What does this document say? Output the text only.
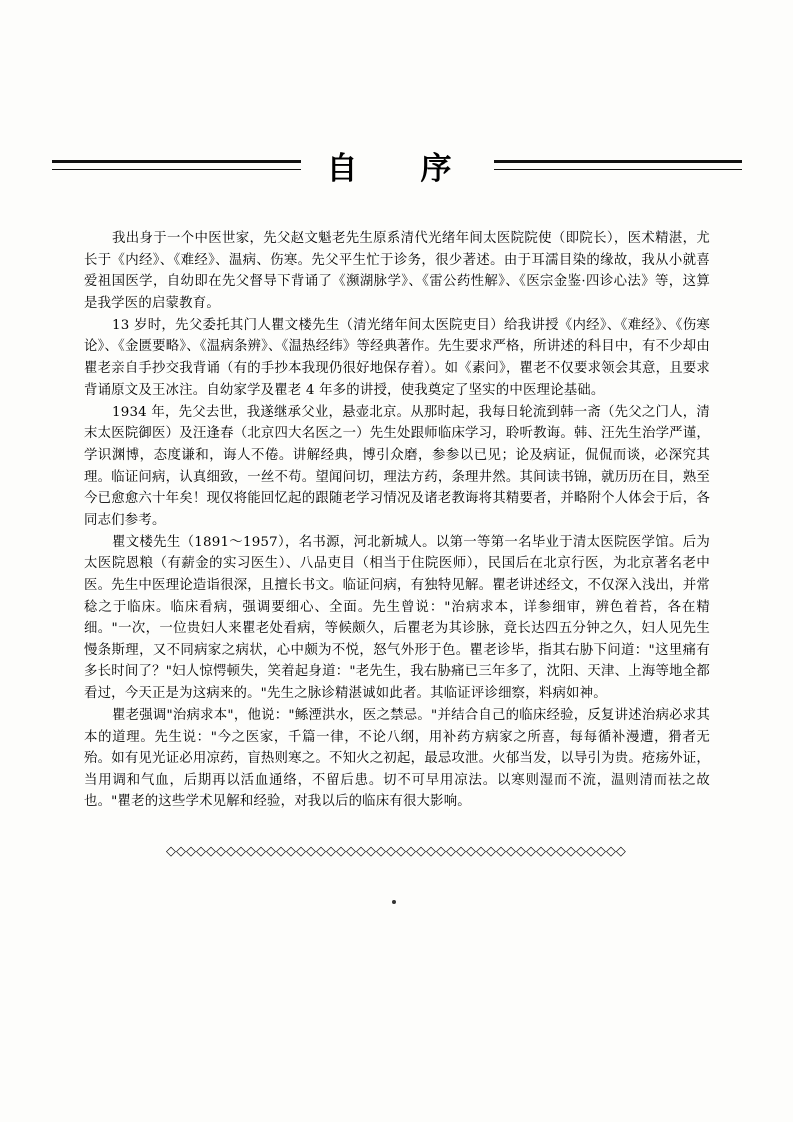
自　序

我出身于一个中医世家，先父赵文魁老先生原系清代光绪年间太医院院使（即院长），医术精湛，尤长于《内经》、《难经》、温病、伤寒。先父平生忙于诊务，很少著述。由于耳濡目染的缘故，我从小就喜爱祖国医学，自幼即在先父督导下背诵了《濒湖脉学》、《雷公药性解》、《医宗金鉴·四诊心法》等，这算是我学医的启蒙教育。

13 岁时，先父委托其门人瞿文楼先生（清光绪年间太医院吏目）给我讲授《内经》、《难经》、《伤寒论》、《金匮要略》、《温病条辨》、《温热经纬》等经典著作。先生要求严格，所讲述的科目中，有不少却由瞿老亲自手抄交我背诵（有的手抄本我现仍很好地保存着）。如《素问》，瞿老不仅要求领会其意，且要求背诵原文及王冰注。自幼家学及瞿老 4 年多的讲授，使我奠定了坚实的中医理论基础。

1934 年，先父去世，我遂继承父业，悬壶北京。从那时起，我每日轮流到韩一斋（先父之门人，清末太医院御医）及汪逢春（北京四大名医之一）先生处跟师临床学习，聆听教诲。韩、汪先生治学严谨，学识渊博，态度谦和，诲人不倦。讲解经典，博引众磨，参参以已见；论及病证，侃侃而谈，必深究其理。临证问病，认真细致，一丝不苟。望闻问切，理法方药，条理井然。其间读书锦，就历历在目，熟至今已愈愈六十年矣！现仅将能回忆起的跟随老学习情况及诸老教诲将其精要者，并略附个人体会于后，各同志们参考。

瞿文楼先生（1891～1957），名书源，河北新城人。以第一等第一名毕业于清太医院医学馆。后为太医院恩粮（有薪金的实习医生）、八品吏目（相当于住院医师），民国后在北京行医，为北京著名老中医。先生中医理论造诣很深，且擅长书文。临证问病，有独特见解。瞿老讲述经文，不仅深入浅出，并常稔之于临床。临床看病，强调要细心、全面。先生曾说："治病求本，详参细审，辨色着苔，各在精细。"一次，一位贵妇人来瞿老处看病，等候颇久，后瞿老为其诊脉，竟长达四五分钟之久，妇人见先生慢条斯理，又不同病家之病状，心中颇为不悦，怒气外形于色。瞿老诊毕，指其右胁下问道："这里痛有多长时间了？"妇人惊愕顿失，笑着起身道："老先生，我右胁痛已三年多了，沈阳、天津、上海等地全都看过，今天正是为这病来的。"先生之脉诊精湛诚如此者。其临证评诊细察，料病如神。

瞿老强调"治病求本"，他说："鲧湮洪水，医之禁忌。"并结合自己的临床经验，反复讲述治病必求其本的道理。先生说："今之医家，千篇一律，不论八纲，用补药方病家之所喜，每每循补漫遭，猾者无殆。如有见光证必用凉药，盲热则寒之。不知火之初起，最忌攻泄。火郁当发，以导引为贵。疮疡外证，当用调和气血，后期再以活血通络，不留后患。切不可早用凉法。以寒则湿而不流，温则清而祛之故也。"瞿老的这些学术见解和经验，对我以后的临床有很大影响。

◇◇◇◇◇◇◇◇◇◇◇◇◇◇◇◇◇◇◇◇◇◇◇◇◇◇◇◇◇◇◇◇◇◇◇◇◇◇◇◇◇◇◇◇◇◇
